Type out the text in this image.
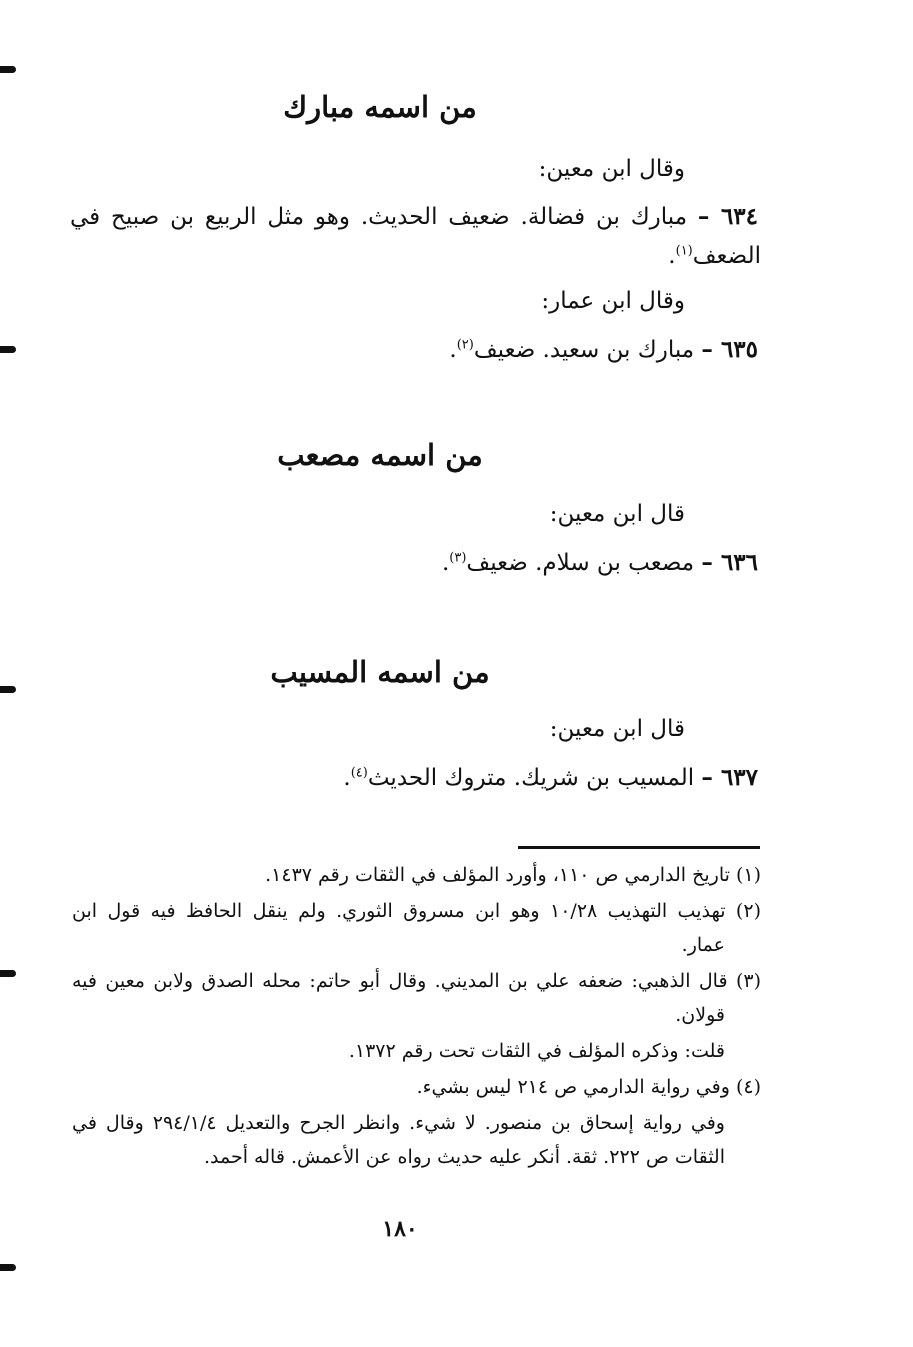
من اسمه مبارك
وقال ابن معين:
٦٣٤ – مبارك بن فضالة. ضعيف الحديث. وهو مثل الربيع بن صبيح في
الضعف$^{(١)}$.
وقال ابن عمار:
٦٣٥ – مبارك بن سعيد. ضعيف$^{(٢)}$.
من اسمه مصعب
قال ابن معين:
٦٣٦ – مصعب بن سلام. ضعيف$^{(٣)}$.
من اسمه المسيب
قال ابن معين:
٦٣٧ – المسيب بن شريك. متروك الحديث$^{(٤)}$.
(١) تاريخ الدارمي ص ١١٠، وأورد المؤلف في الثقات رقم ١٤٣٧.
(٢) تهذيب التهذيب ١٠/٢٨ وهو ابن مسروق الثوري. ولم ينقل الحافظ فيه قول ابن
عمار.
(٣) قال الذهبي: ضعفه علي بن المديني. وقال أبو حاتم: محله الصدق ولابن معين فيه
قولان.
قلت: وذكره المؤلف في الثقات تحت رقم ١٣٧٢.
(٤) وفي رواية الدارمي ص ٢١٤ ليس بشيء.
وفي رواية إسحاق بن منصور. لا شيء. وانظر الجرح والتعديل ٢٩٤/١/٤ وقال في
الثقات ص ٢٢٢. ثقة. أنكر عليه حديث رواه عن الأعمش. قاله أحمد.
١٨٠
